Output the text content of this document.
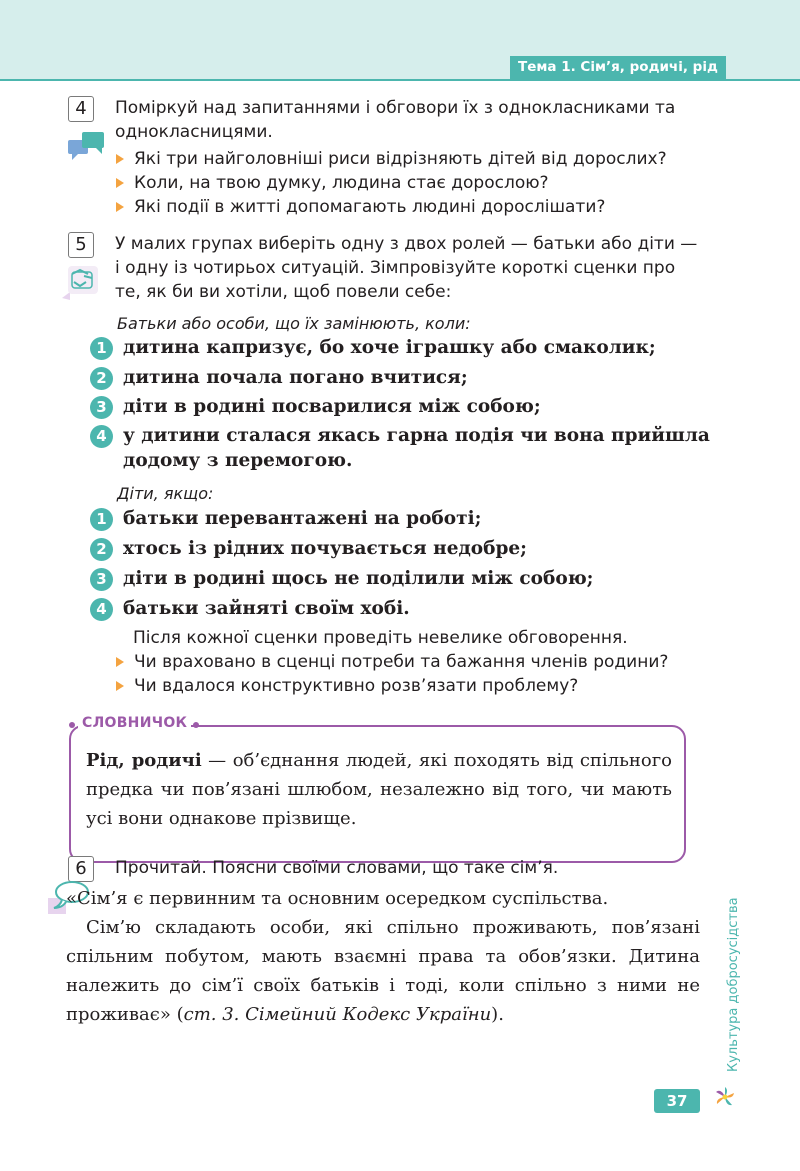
Тема 1. Сім’я, родичі, рід
4	Поміркуй над запитаннями і обговори їх з однокласниками та
однокласницями.
Які три найголовніші риси відрізняють дітей від дорослих?
Коли, на твою думку, людина стає дорослою?
Які події в житті допомагають людині дорослішати?
5	У малих групах виберіть одну з двох ролей — батьки або діти —
і одну із чотирьох ситуацій. Зімпровізуйте короткі сценки про
те, як би ви хотіли, щоб повели себе:
Батьки або особи, що їх замінюють, коли:
1 дитина капризує, бо хоче іграшку або смаколик;
2 дитина почала погано вчитися;
3 діти в родині посварилися між собою;
4 у дитини сталася якась гарна подія чи вона прийшла
додому з перемогою.
Діти, якщо:
1 батьки перевантажені на роботі;
2 хтось із рідних почувається недобре;
3 діти в родині щось не поділили між собою;
4 батьки зайняті своїм хобі.
Після кожної сценки проведіть невелике обговорення.
Чи враховано в сценці потреби та бажання членів родини?
Чи вдалося конструктивно розв’язати проблему?
СЛОВНИЧОК
Рід, родичі — об’єднання людей, які походять від спільного предка чи пов’язані шлюбом, незалежно від того, чи мають усі вони однакове прізвище.
6	Прочитай. Поясни своїми словами, що таке сім’я.
«Сім’я є первинним та основним осередком суспільства.
Сім’ю складають особи, які спільно проживають, пов’язані спільним побутом, мають взаємні права та обов’язки. Дитина належить до сім’ї своїх батьків і тоді, коли спільно з ними не проживає» (ст. 3. Сімейний Кодекс України).	Культура добросусідства
37
